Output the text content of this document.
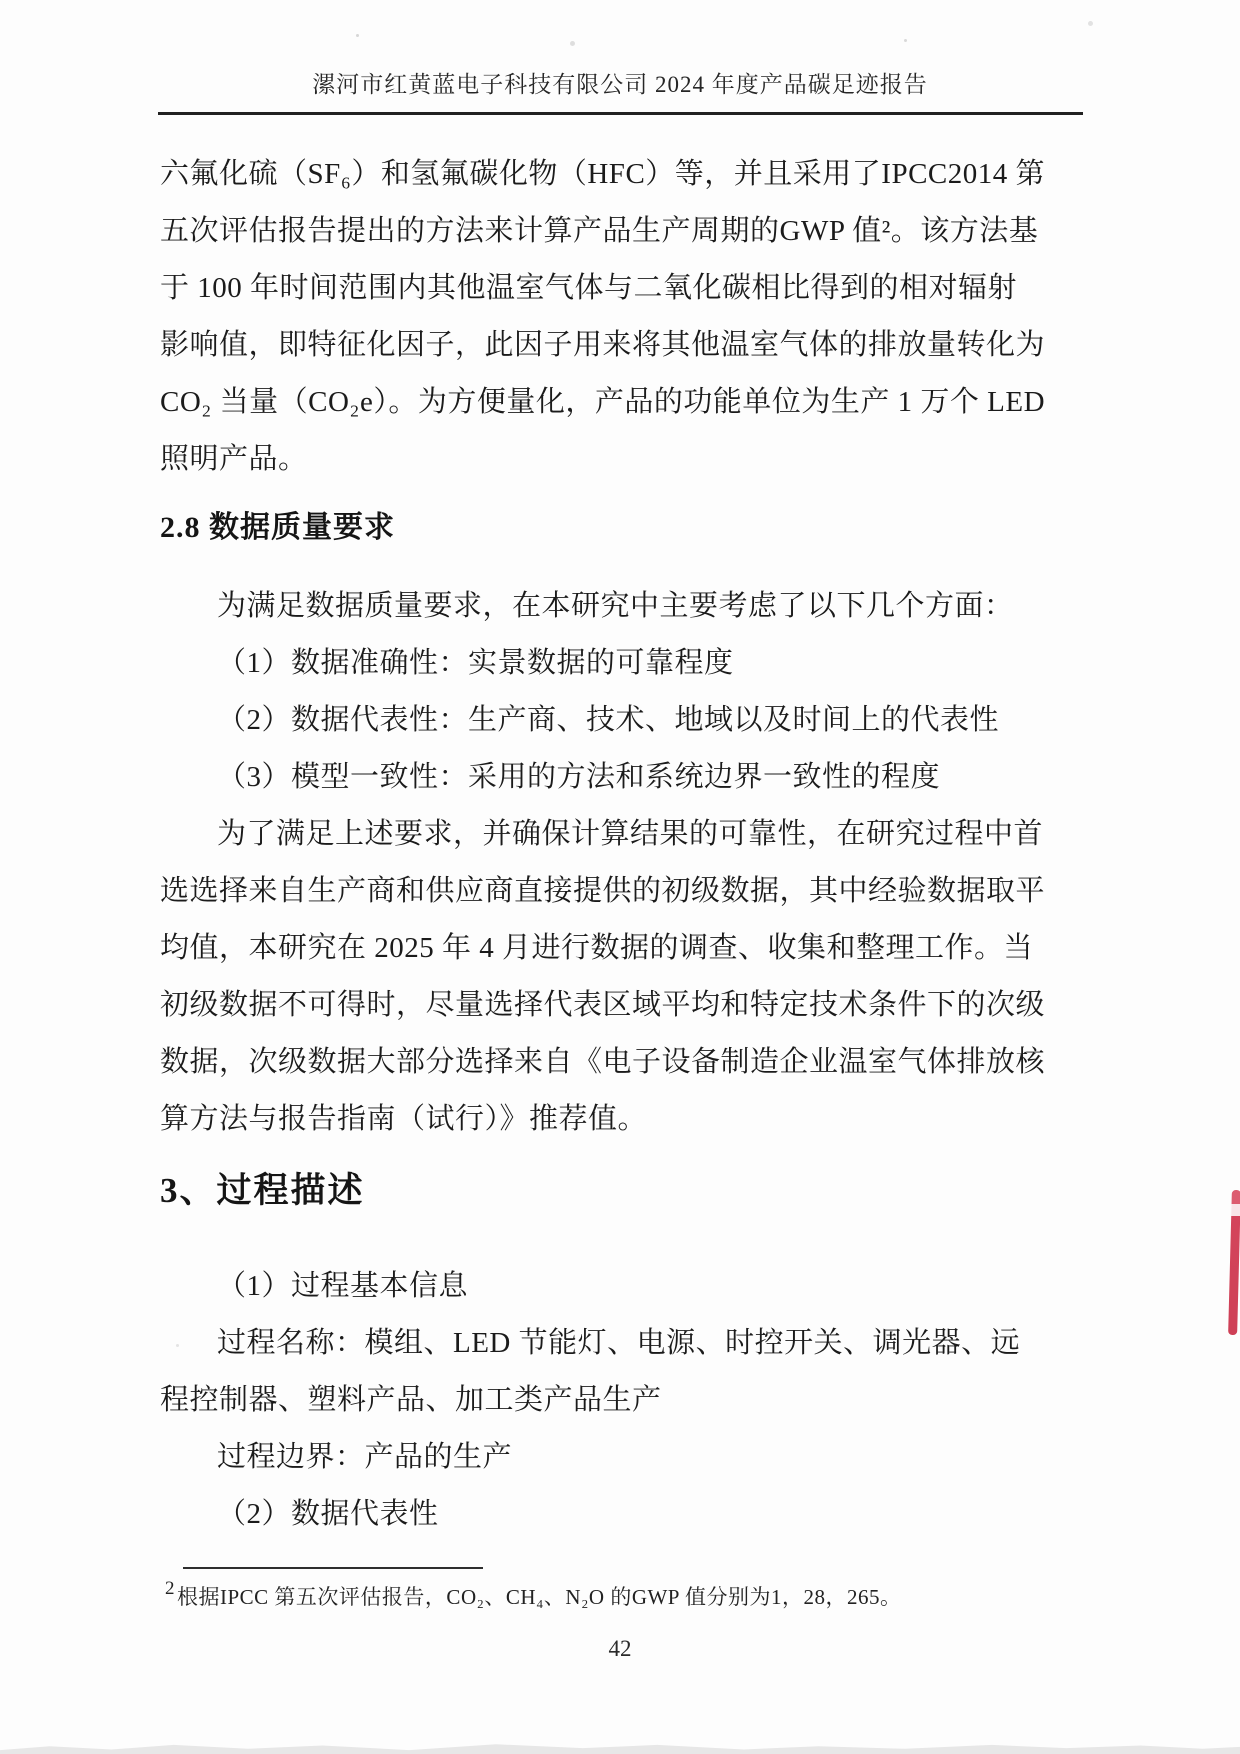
漯河市红黄蓝电子科技有限公司 2024 年度产品碳足迹报告
六氟化硫（SF₆）和氢氟碳化物（HFC）等，并且采用了IPCC2014 第
五次评估报告提出的方法来计算产品生产周期的GWP 值²。该方法基
于 100 年时间范围内其他温室气体与二氧化碳相比得到的相对辐射
影响值，即特征化因子，此因子用来将其他温室气体的排放量转化为
CO₂ 当量（CO₂e）。为方便量化，产品的功能单位为生产 1 万个 LED
照明产品。
2.8 数据质量要求
为满足数据质量要求，在本研究中主要考虑了以下几个方面：
（1）数据准确性：实景数据的可靠程度
（2）数据代表性：生产商、技术、地域以及时间上的代表性
（3）模型一致性：采用的方法和系统边界一致性的程度
为了满足上述要求，并确保计算结果的可靠性，在研究过程中首
选选择来自生产商和供应商直接提供的初级数据，其中经验数据取平
均值，本研究在 2025 年 4 月进行数据的调查、收集和整理工作。当
初级数据不可得时，尽量选择代表区域平均和特定技术条件下的次级
数据，次级数据大部分选择来自《电子设备制造企业温室气体排放核
算方法与报告指南（试行）》推荐值。
3、过程描述
（1）过程基本信息
过程名称：模组、LED 节能灯、电源、时控开关、调光器、远
程控制器、塑料产品、加工类产品生产
过程边界：产品的生产
（2）数据代表性
$^2$根据IPCC 第五次评估报告，CO₂、CH₄、N₂O 的GWP 值分别为1，28，265。
42
